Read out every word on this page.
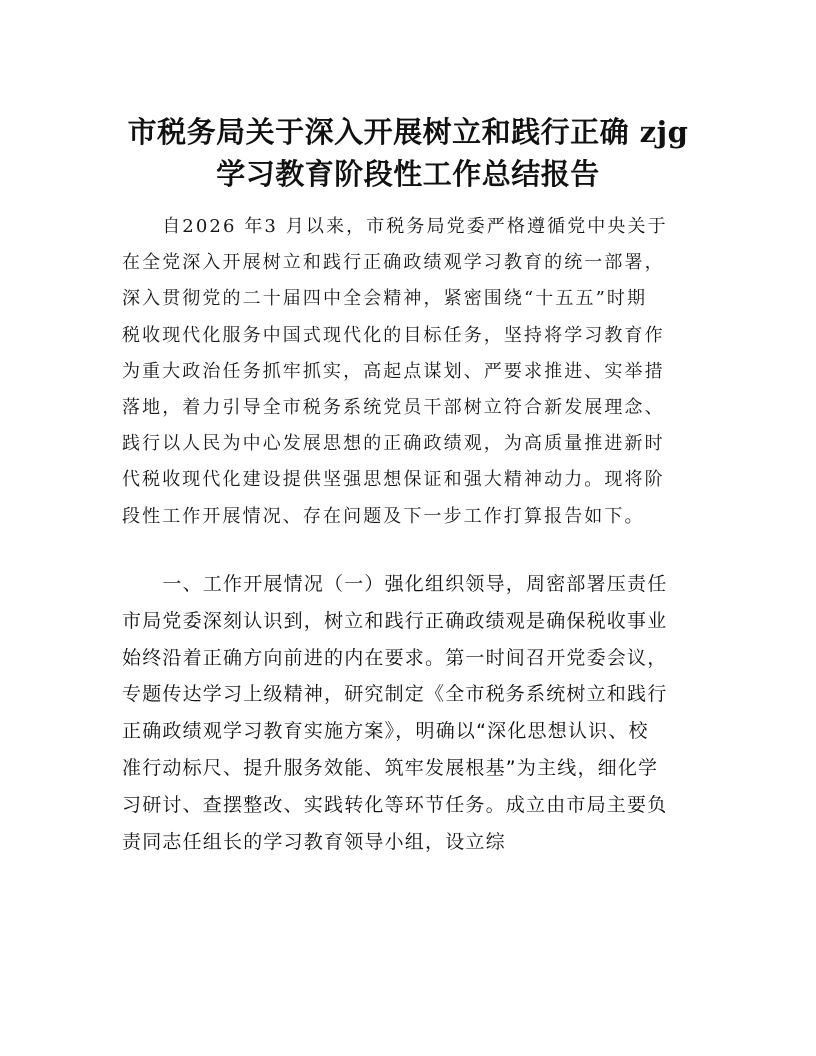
市税务局关于深入开展树立和践行正确 zjg
学习教育阶段性工作总结报告
　　自2026 年3 月以来，市税务局党委严格遵循党中央关于
在全党深入开展树立和践行正确政绩观学习教育的统一部署，
深入贯彻党的二十届四中全会精神，紧密围绕“十五五”时期
税收现代化服务中国式现代化的目标任务，坚持将学习教育作
为重大政治任务抓牢抓实，高起点谋划、严要求推进、实举措
落地，着力引导全市税务系统党员干部树立符合新发展理念、
践行以人民为中心发展思想的正确政绩观，为高质量推进新时
代税收现代化建设提供坚强思想保证和强大精神动力。现将阶
段性工作开展情况、存在问题及下一步工作打算报告如下。
　　一、工作开展情况（一）强化组织领导，周密部署压责任
市局党委深刻认识到，树立和践行正确政绩观是确保税收事业
始终沿着正确方向前进的内在要求。第一时间召开党委会议，
专题传达学习上级精神，研究制定《全市税务系统树立和践行
正确政绩观学习教育实施方案》，明确以“深化思想认识、校
准行动标尺、提升服务效能、筑牢发展根基”为主线，细化学
习研讨、查摆整改、实践转化等环节任务。成立由市局主要负
责同志任组长的学习教育领导小组，设立综
